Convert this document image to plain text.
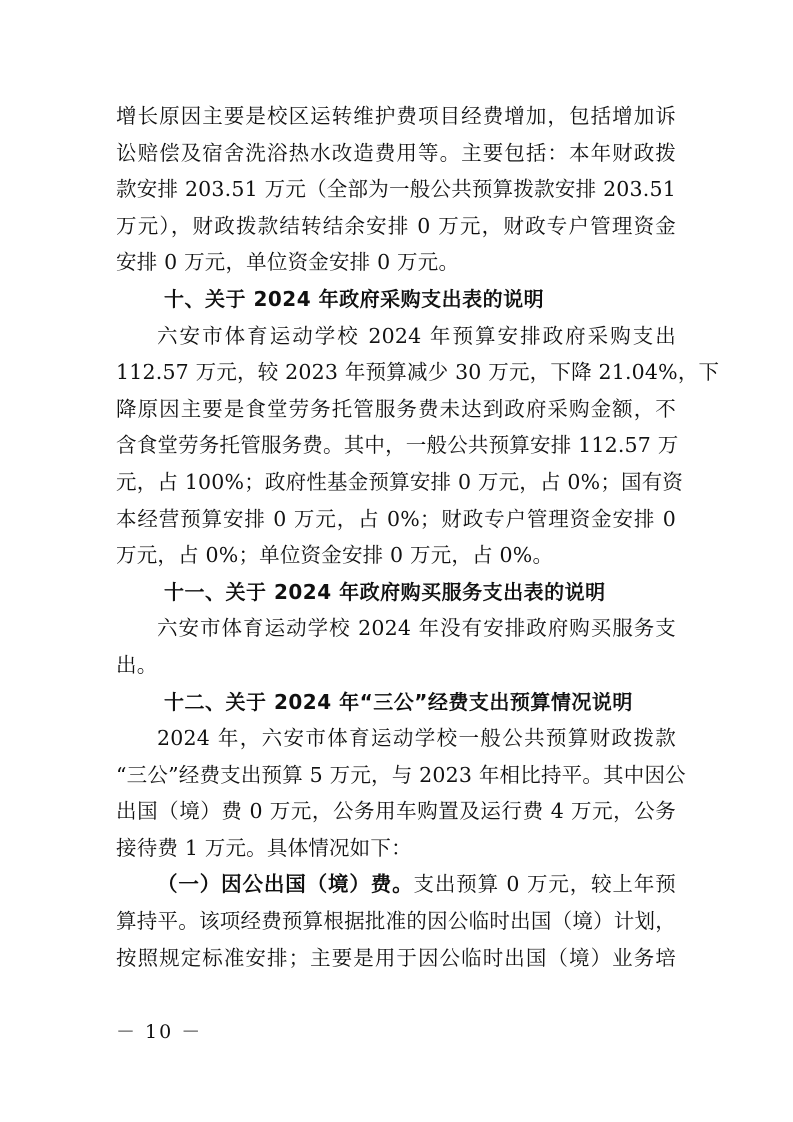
增长原因主要是校区运转维护费项目经费增加，包括增加诉

讼赔偿及宿舍洗浴热水改造费用等。主要包括：本年财政拨

款安排 203.51 万元（全部为一般公共预算拨款安排 203.51

万元），财政拨款结转结余安排 0 万元，财政专户管理资金

安排 0 万元，单位资金安排 0 万元。

十、关于 2024 年政府采购支出表的说明

六安市体育运动学校 2024 年预算安排政府采购支出

112.57 万元，较 2023 年预算减少 30 万元，下降 21.04%，下

降原因主要是食堂劳务托管服务费未达到政府采购金额，不

含食堂劳务托管服务费。其中，一般公共预算安排 112.57 万

元，占 100%；政府性基金预算安排 0 万元，占 0%；国有资

本经营预算安排 0 万元，占 0%；财政专户管理资金安排 0

万元，占 0%；单位资金安排 0 万元，占 0%。

十一、关于 2024 年政府购买服务支出表的说明

六安市体育运动学校 2024 年没有安排政府购买服务支

出。

十二、关于 2024 年“三公”经费支出预算情况说明

2024 年，六安市体育运动学校一般公共预算财政拨款

“三公”经费支出预算 5 万元，与 2023 年相比持平。其中因公

出国（境）费 0 万元，公务用车购置及运行费 4 万元，公务

接待费 1 万元。具体情况如下：

（一）因公出国（境）费。支出预算 0 万元，较上年预

算持平。该项经费预算根据批准的因公临时出国（境）计划，

按照规定标准安排；主要是用于因公临时出国（境）业务培

－ 10 －
